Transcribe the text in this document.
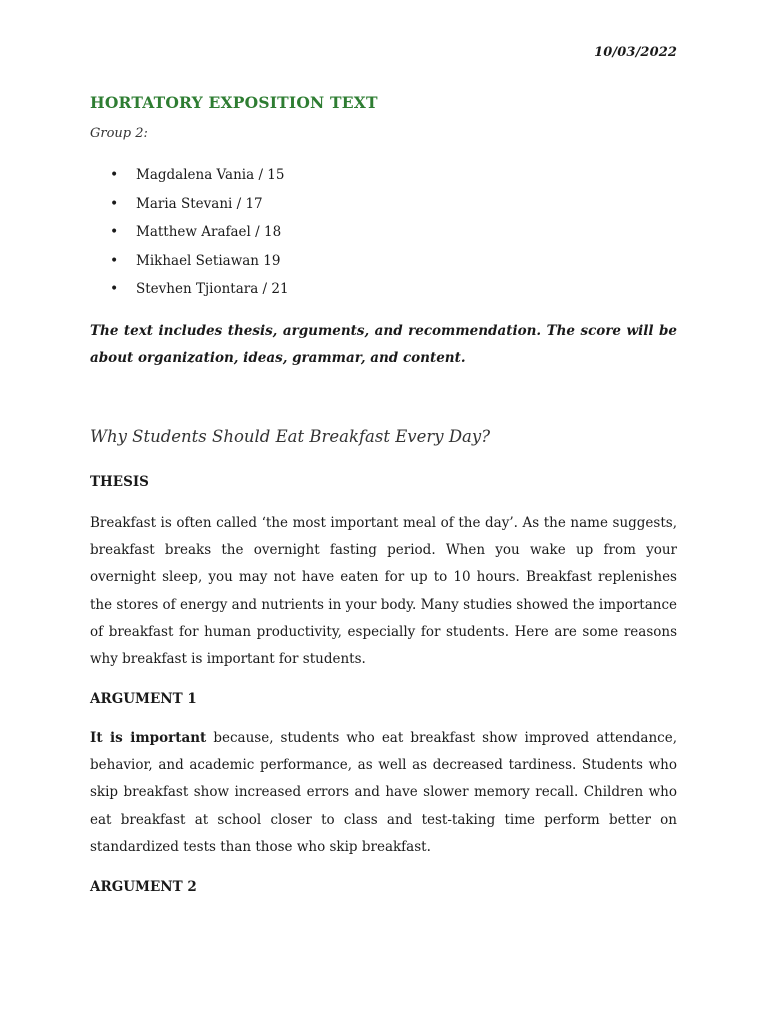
10/03/2022
HORTATORY EXPOSITION TEXT
Group 2:
•	Magdalena Vania / 15
•	Maria Stevani / 17
•	Matthew Arafael / 18
•	Mikhael Setiawan 19
•	Stevhen Tjiontara / 21
The text includes thesis, arguments, and recommendation. The score will be about organization, ideas, grammar, and content.
Why Students Should Eat Breakfast Every Day?
THESIS
Breakfast is often called ‘the most important meal of the day’. As the name suggests, breakfast breaks the overnight fasting period. When you wake up from your overnight sleep, you may not have eaten for up to 10 hours. Breakfast replenishes the stores of energy and nutrients in your body. Many studies showed the importance of breakfast for human productivity, especially for students. Here are some reasons why breakfast is important for students.
ARGUMENT 1
It is important because, students who eat breakfast show improved attendance, behavior, and academic performance, as well as decreased tardiness. Students who skip breakfast show increased errors and have slower memory recall. Children who eat breakfast at school closer to class and test-taking time perform better on standardized tests than those who skip breakfast.
ARGUMENT 2
